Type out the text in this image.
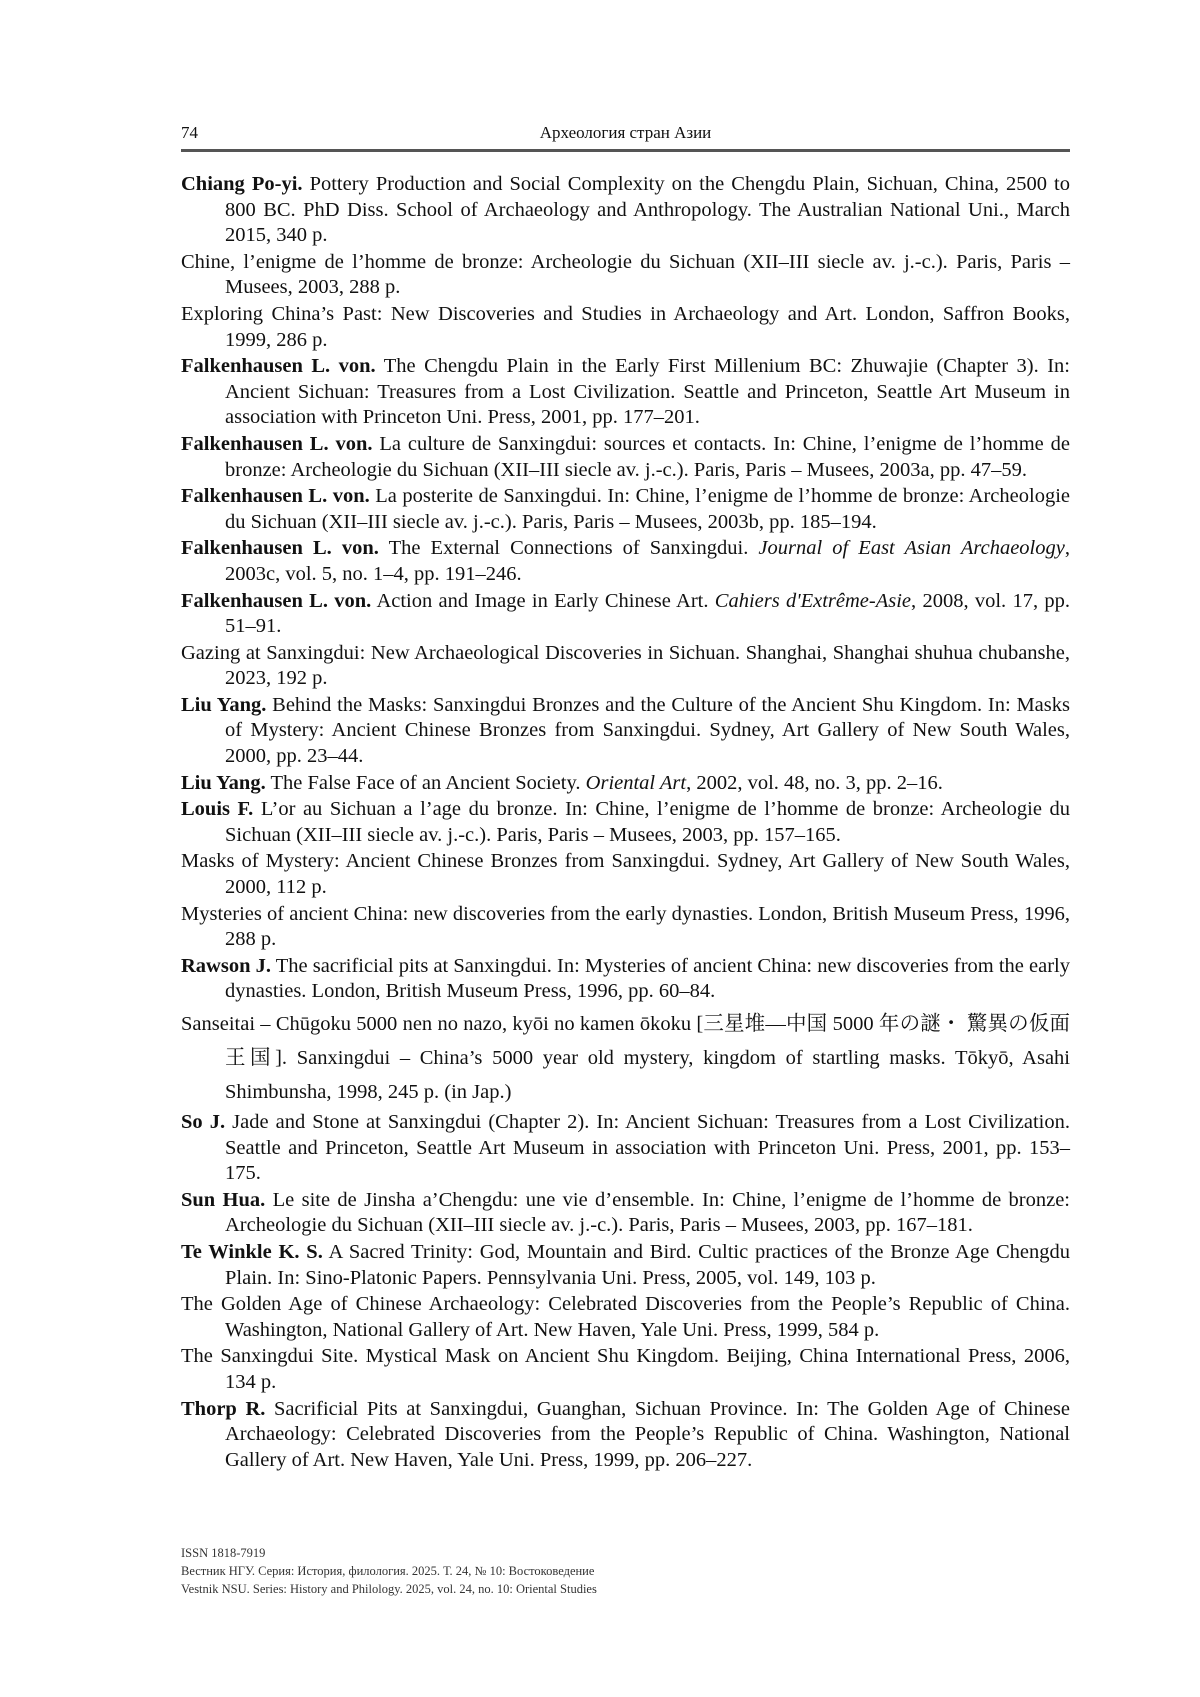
74	Археология стран Азии

Chiang Po-yi. Pottery Production and Social Complexity on the Chengdu Plain, Sichuan, China, 2500 to 800 BC. PhD Diss. School of Archaeology and Anthropology. The Australian National Uni., March 2015, 340 p.

Chine, l’enigme de l’homme de bronze: Archeologie du Sichuan (XII–III siecle av. j.-c.). Paris, Paris – Musees, 2003, 288 p.

Exploring China’s Past: New Discoveries and Studies in Archaeology and Art. London, Saffron Books, 1999, 286 p.

Falkenhausen L. von. The Chengdu Plain in the Early First Millenium BC: Zhuwajie (Chapter 3). In: Ancient Sichuan: Treasures from a Lost Civilization. Seattle and Princeton, Seattle Art Museum in association with Princeton Uni. Press, 2001, pp. 177–201.

Falkenhausen L. von. La culture de Sanxingdui: sources et contacts. In: Chine, l’enigme de l’homme de bronze: Archeologie du Sichuan (XII–III siecle av. j.-c.). Paris, Paris – Musees, 2003a, pp. 47–59.

Falkenhausen L. von. La posterite de Sanxingdui. In: Chine, l’enigme de l’homme de bronze: Archeologie du Sichuan (XII–III siecle av. j.-c.). Paris, Paris – Musees, 2003b, pp. 185–194.

Falkenhausen L. von. The External Connections of Sanxingdui. Journal of East Asian Archaeology, 2003c, vol. 5, no. 1–4, pp. 191–246.

Falkenhausen L. von. Action and Image in Early Chinese Art. Cahiers d'Extrême-Asie, 2008, vol. 17, pp. 51–91.

Gazing at Sanxingdui: New Archaeological Discoveries in Sichuan. Shanghai, Shanghai shuhua chubanshe, 2023, 192 p.

Liu Yang. Behind the Masks: Sanxingdui Bronzes and the Culture of the Ancient Shu Kingdom. In: Masks of Mystery: Ancient Chinese Bronzes from Sanxingdui. Sydney, Art Gallery of New South Wales, 2000, pp. 23–44.

Liu Yang. The False Face of an Ancient Society. Oriental Art, 2002, vol. 48, no. 3, pp. 2–16.

Louis F. L’or au Sichuan a l’age du bronze. In: Chine, l’enigme de l’homme de bronze: Archeologie du Sichuan (XII–III siecle av. j.-c.). Paris, Paris – Musees, 2003, pp. 157–165.

Masks of Mystery: Ancient Chinese Bronzes from Sanxingdui. Sydney, Art Gallery of New South Wales, 2000, 112 p.

Mysteries of ancient China: new discoveries from the early dynasties. London, British Museum Press, 1996, 288 p.

Rawson J. The sacrificial pits at Sanxingdui. In: Mysteries of ancient China: new discoveries from the early dynasties. London, British Museum Press, 1996, pp. 60–84.

Sanseitai – Chūgoku 5000 nen no nazo, kyōi no kamen ōkoku [三星堆—中国 5000 年の謎・ 驚異の仮面王国]. Sanxingdui – China’s 5000 year old mystery, kingdom of startling masks. Tōkyō, Asahi Shimbunsha, 1998, 245 p. (in Jap.)

So J. Jade and Stone at Sanxingdui (Chapter 2). In: Ancient Sichuan: Treasures from a Lost Civilization. Seattle and Princeton, Seattle Art Museum in association with Princeton Uni. Press, 2001, pp. 153–175.

Sun Hua. Le site de Jinsha a’Chengdu: une vie d’ensemble. In: Chine, l’enigme de l’homme de bronze: Archeologie du Sichuan (XII–III siecle av. j.-c.). Paris, Paris – Musees, 2003, pp. 167–181.

Te Winkle K. S. A Sacred Trinity: God, Mountain and Bird. Cultic practices of the Bronze Age Chengdu Plain. In: Sino-Platonic Papers. Pennsylvania Uni. Press, 2005, vol. 149, 103 p.

The Golden Age of Chinese Archaeology: Celebrated Discoveries from the People’s Republic of China. Washington, National Gallery of Art. New Haven, Yale Uni. Press, 1999, 584 p.

The Sanxingdui Site. Mystical Mask on Ancient Shu Kingdom. Beijing, China International Press, 2006, 134 p.

Thorp R. Sacrificial Pits at Sanxingdui, Guanghan, Sichuan Province. In: The Golden Age of Chinese Archaeology: Celebrated Discoveries from the People’s Republic of China. Washington, National Gallery of Art. New Haven, Yale Uni. Press, 1999, pp. 206–227.

ISSN 1818-7919
Вестник НГУ. Серия: История, филология. 2025. Т. 24, № 10: Востоковедение
Vestnik NSU. Series: History and Philology. 2025, vol. 24, no. 10: Oriental Studies
